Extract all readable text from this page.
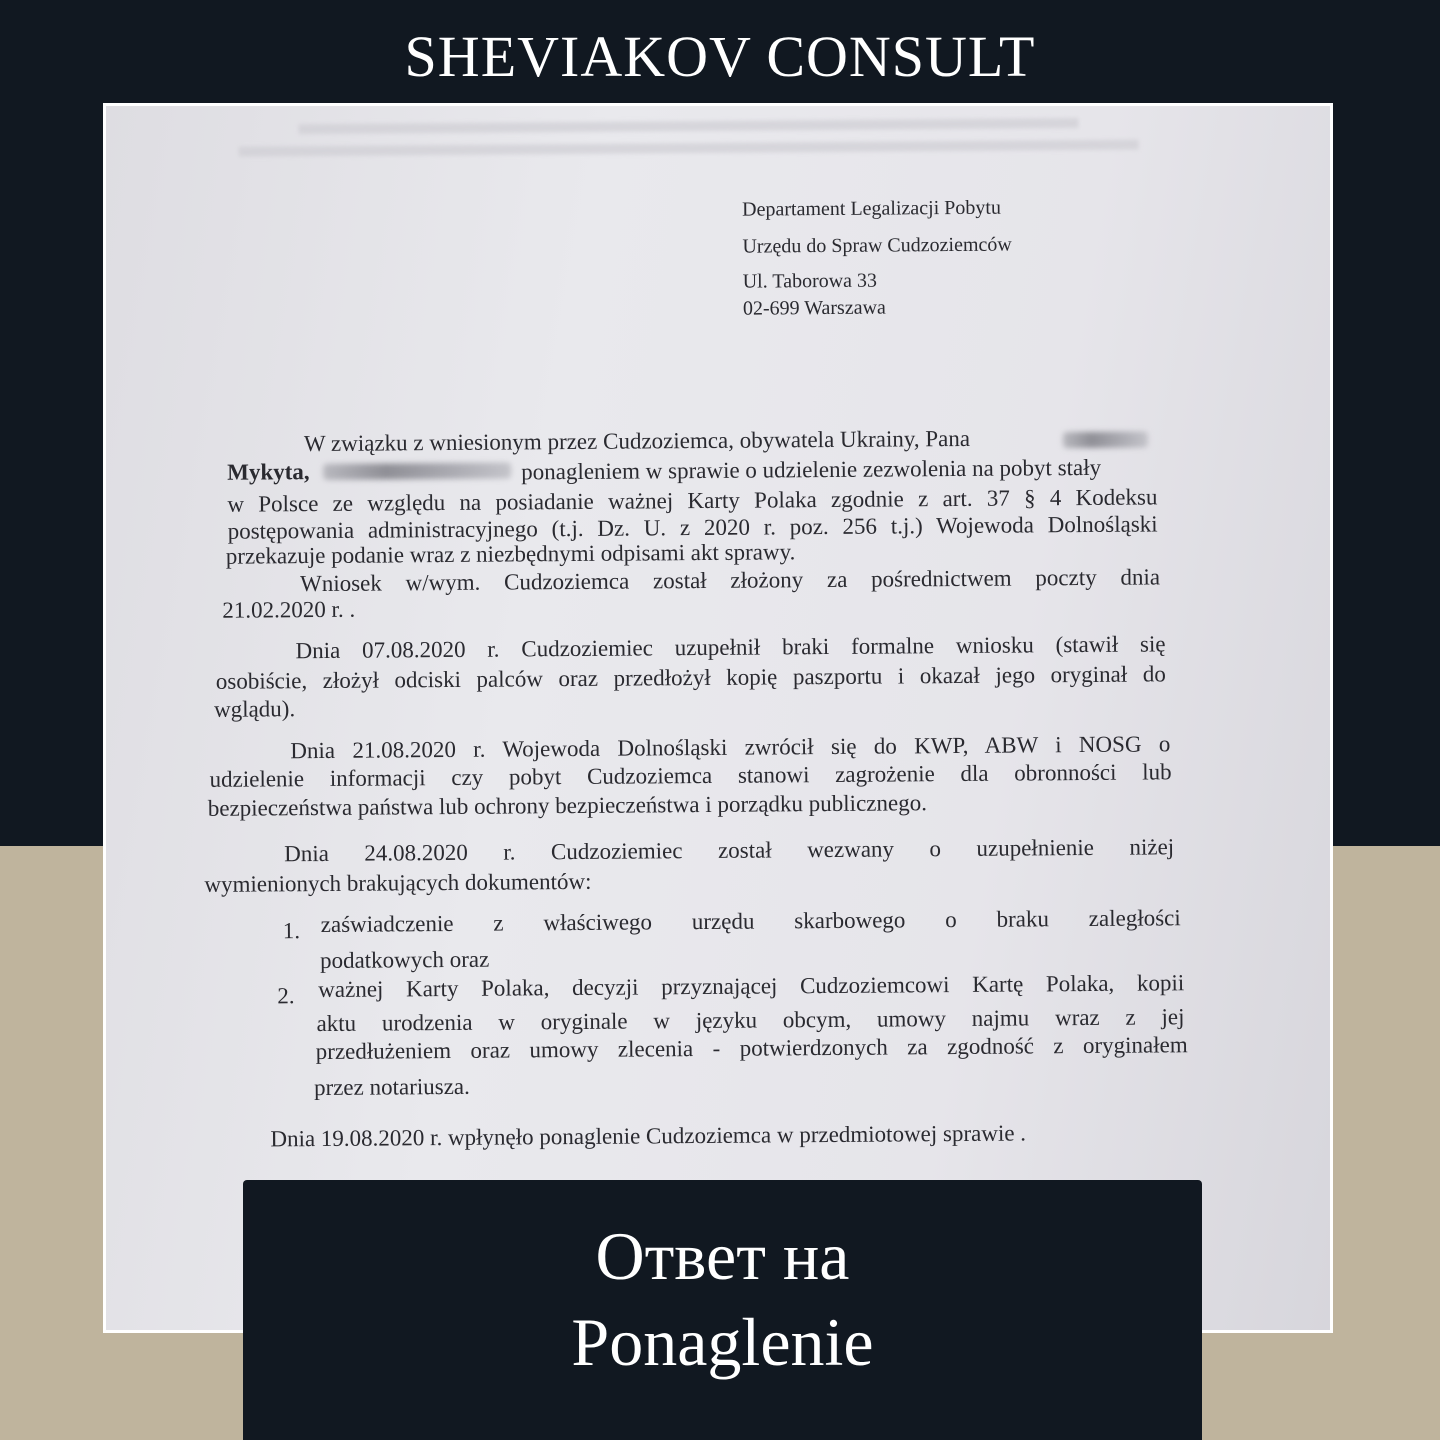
SHEVIAKOV CONSULT
Departament Legalizacji Pobytu
Urzędu do Spraw Cudzoziemców
Ul. Taborowa 33
02-699 Warszawa
W związku z wniesionym przez Cudzoziemca, obywatela Ukrainy, Pana
Mykyta,	ponagleniem w sprawie o udzielenie zezwolenia na pobyt stały
w Polsce ze względu na posiadanie ważnej Karty Polaka zgodnie z art. 37 § 4 Kodeksu
postępowania administracyjnego (t.j. Dz. U. z 2020 r. poz. 256 t.j.) Wojewoda Dolnośląski
przekazuje podanie wraz z niezbędnymi odpisami akt sprawy.
Wniosek w/wym. Cudzoziemca został złożony za pośrednictwem poczty dnia
21.02.2020 r. .
Dnia 07.08.2020 r. Cudzoziemiec uzupełnił braki formalne wniosku (stawił się
osobiście, złożył odciski palców oraz przedłożył kopię paszportu i okazał jego oryginał do
wglądu).
Dnia 21.08.2020 r. Wojewoda Dolnośląski zwrócił się do KWP, ABW i NOSG o
udzielenie informacji czy pobyt Cudzoziemca stanowi zagrożenie dla obronności lub
bezpieczeństwa państwa lub ochrony bezpieczeństwa i porządku publicznego.
Dnia 24.08.2020 r. Cudzoziemiec został wezwany o uzupełnienie niżej
wymienionych brakujących dokumentów:
1. zaświadczenie z właściwego urzędu skarbowego o braku zaległości
podatkowych oraz
2. ważnej Karty Polaka, decyzji przyznającej Cudzoziemcowi Kartę Polaka, kopii
aktu urodzenia w oryginale w języku obcym, umowy najmu wraz z jej
przedłużeniem oraz umowy zlecenia - potwierdzonych za zgodność z oryginałem
przez notariusza.
Dnia 19.08.2020 r. wpłynęło ponaglenie Cudzoziemca w przedmiotowej sprawie .
Ответ на
Ponaglenie
